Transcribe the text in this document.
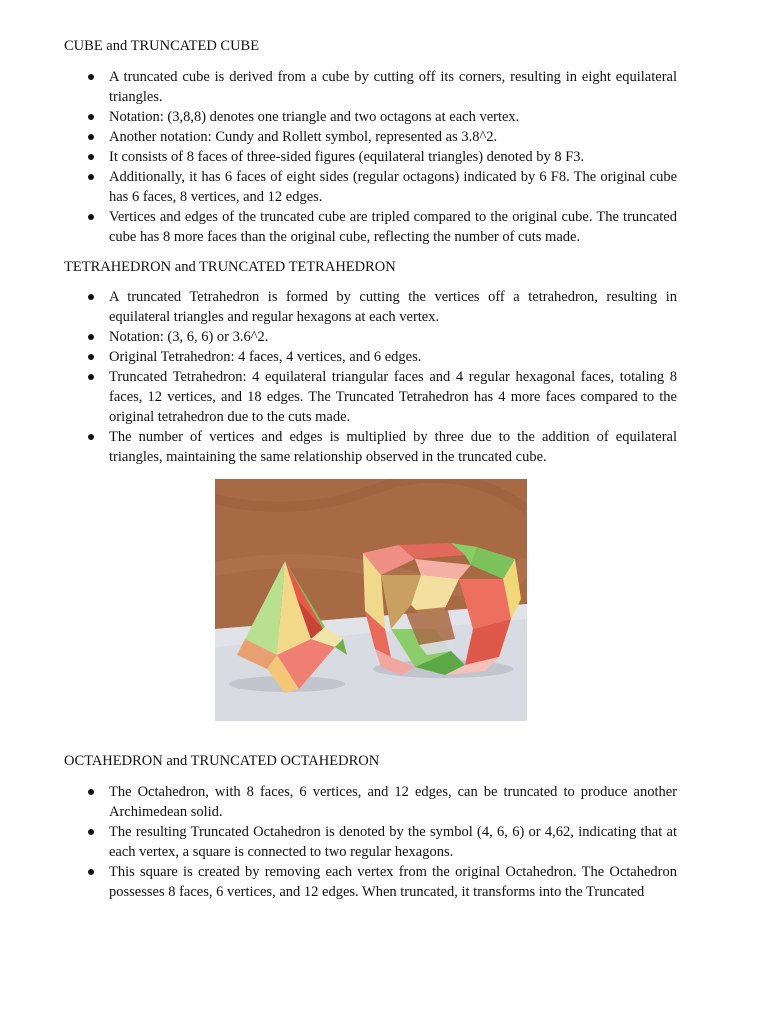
CUBE and TRUNCATED CUBE
A truncated cube is derived from a cube by cutting off its corners, resulting in eight equilateral triangles.
Notation: (3,8,8) denotes one triangle and two octagons at each vertex.
Another notation: Cundy and Rollett symbol, represented as 3.8^2.
It consists of 8 faces of three-sided figures (equilateral triangles) denoted by 8 F3.
Additionally, it has 6 faces of eight sides (regular octagons) indicated by 6 F8. The original cube has 6 faces, 8 vertices, and 12 edges.
Vertices and edges of the truncated cube are tripled compared to the original cube. The truncated cube has 8 more faces than the original cube, reflecting the number of cuts made.
TETRAHEDRON and TRUNCATED TETRAHEDRON
A truncated Tetrahedron is formed by cutting the vertices off a tetrahedron, resulting in equilateral triangles and regular hexagons at each vertex.
Notation: (3, 6, 6) or 3.6^2.
Original Tetrahedron: 4 faces, 4 vertices, and 6 edges.
Truncated Tetrahedron: 4 equilateral triangular faces and 4 regular hexagonal faces, totaling 8 faces, 12 vertices, and 18 edges. The Truncated Tetrahedron has 4 more faces compared to the original tetrahedron due to the cuts made.
The number of vertices and edges is multiplied by three due to the addition of equilateral triangles, maintaining the same relationship observed in the truncated cube.
OCTAHEDRON and TRUNCATED OCTAHEDRON
The Octahedron, with 8 faces, 6 vertices, and 12 edges, can be truncated to produce another Archimedean solid.
The resulting Truncated Octahedron is denoted by the symbol (4, 6, 6) or 4,62, indicating that at each vertex, a square is connected to two regular hexagons.
This square is created by removing each vertex from the original Octahedron. The Octahedron possesses 8 faces, 6 vertices, and 12 edges. When truncated, it transforms into the Truncated
